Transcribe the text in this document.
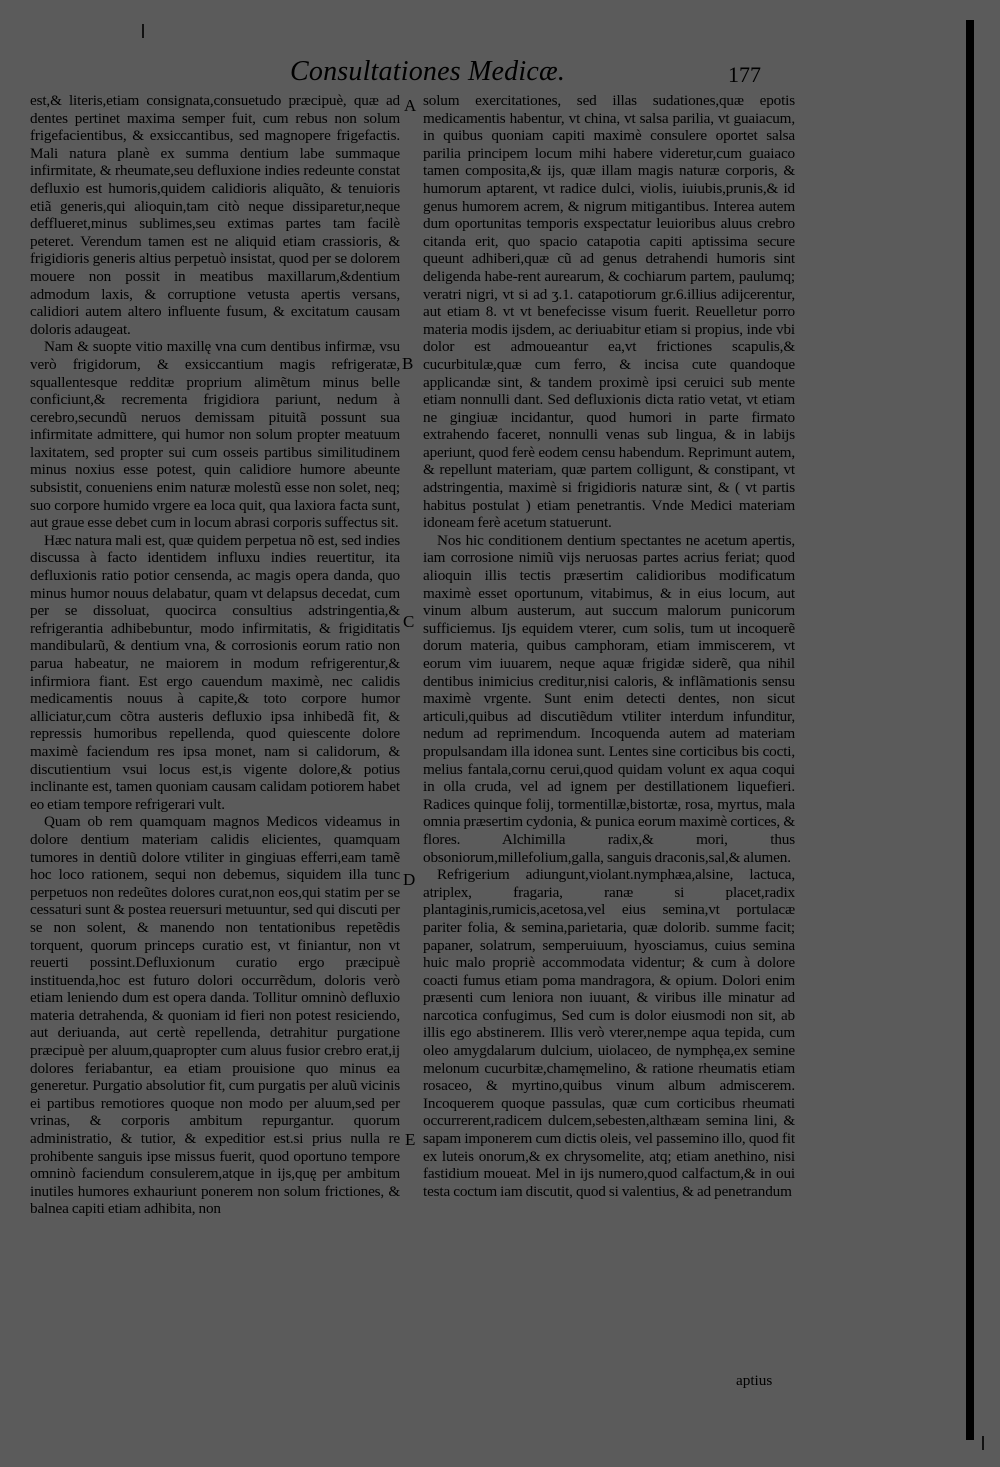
Consultationes Medicæ.	177

est,& literis,etiam consignata,consuetudo præcipuè, quæ ad dentes pertinet maxima semper fuit, cum rebus non solum frigefacientibus, & exsiccantibus, sed magnopere frigefactis. Mali natura planè ex summa dentium labe summaque infirmitate, & rheumate,seu defluxione indies redeunte constat defluxio est humoris,quidem calidioris aliquãto, & tenuioris etiã generis,qui alioquin,tam citò neque dissiparetur,neque defflueret,minus sublimes,seu extimas partes tam facilè peteret. Verendum tamen est ne aliquid etiam crassioris, & frigidioris generis altius perpetuò insistat, quod per se dolorem mouere non possit in meatibus maxillarum,&dentium admodum laxis, & corruptione vetusta apertis versans, calidiori autem altero influente fusum, & excitatum causam doloris adaugeat.

Nam & suopte vitio maxillę vna cum dentibus infirmæ, vsu verò frigidorum, & exsiccantium magis refrigeratæ, squallentesque redditæ proprium alimẽtum minus belle conficiunt,& recrementa frigidiora pariunt, nedum à cerebro,secundũ neruos demissam pituitã possunt sua infirmitate admittere, qui humor non solum propter meatuum laxitatem, sed propter sui cum osseis partibus similitudinem minus noxius esse potest, quin calidiore humore abeunte subsistit, conueniens enim naturæ molestũ esse non solet, neq; suo corpore humido vrgere ea loca quit, qua laxiora facta sunt, aut graue esse debet cum in locum abrasi corporis suffectus sit.

Hæc natura mali est, quæ quidem perpetua nõ est, sed indies discussa à facto identidem influxu indies reuertitur, ita defluxionis ratio potior censenda, ac magis opera danda, quo minus humor nouus delabatur, quam vt delapsus decedat, cum per se dissoluat, quocirca consultius adstringentia,& refrigerantia adhibebuntur, modo infirmitatis, & frigiditatis mandibularũ, & dentium vna, & corrosionis eorum ratio non parua habeatur, ne maiorem in modum refrigerentur,& infirmiora fiant. Est ergo cauendum maximè, nec calidis medicamentis nouus à capite,& toto corpore humor alliciatur,cum cõtra austeris defluxio ipsa inhibedã fit, & repressis humoribus repellenda, quod quiescente dolore maximè faciendum res ipsa monet, nam si calidorum, & discutientium vsui locus est,is vigente dolore,& potius inclinante est, tamen quoniam causam calidam potiorem habet eo etiam tempore refrigerari vult.

Quam ob rem quamquam magnos Medicos videamus in dolore dentium materiam calidis elicientes, quamquam tumores in dentiũ dolore vtiliter in gingiuas efferri,eam tamẽ hoc loco rationem, sequi non debemus, siquidem illa tunc perpetuos non redeũtes dolores curat,non eos,qui statim per se cessaturi sunt & postea reuersuri metuuntur, sed qui discuti per se non solent, & manendo non tentationibus repetẽdis torquent, quorum princeps curatio est, vt finiantur, non vt reuerti possint.Defluxionum curatio ergo præcipuè instituenda,hoc est futuro dolori occurrẽdum, doloris verò etiam leniendo dum est opera danda. Tollitur omninò defluxio materia detrahenda, & quoniam id fieri non potest resiciendo, aut deriuanda, aut certè repellenda, detrahitur purgatione præcipuè per aluum,quapropter cum aluus fusior crebro erat,ij dolores feriabantur, ea etiam prouisione quo minus ea generetur. Purgatio absolutior fit, cum purgatis per aluũ vicinis ei partibus remotiores quoque non modo per aluum,sed per vrinas, & corporis ambitum repurgantur. quorum administratio, & tutior, & expeditior est.si prius nulla re prohibente sanguis ipse missus fuerit, quod oportuno tempore omninò faciendum consulerem,atque in ijs,quę per ambitum inutiles humores exhauriunt ponerem non solum frictiones, & balnea capiti etiam adhibita, non

A
B
C
D
E

solum exercitationes, sed illas sudationes,quæ epotis medicamentis habentur, vt china, vt salsa parilia, vt guaiacum, in quibus quoniam capiti maximè consulere oportet salsa parilia principem locum mihi habere videretur,cum guaiaco tamen composita,& ijs, quæ illam magis naturæ corporis, & humorum aptarent, vt radice dulci, violis, iuiubis,prunis,& id genus humorem acrem, & nigrum mitigantibus. Interea autem dum oportunitas temporis exspectatur leuioribus aluus crebro citanda erit, quo spacio catapotia capiti aptissima secure queunt adhiberi,quæ cũ ad genus detrahendi humoris sint deligenda habe-rent aurearum, & cochiarum partem, paulumq; veratri nigri, vt si ad ʒ.1. catapotiorum gr.6.illius adijcerentur, aut etiam 8. vt vt benefecisse visum fuerit. Reuelletur porro materia modis ijsdem, ac deriuabitur etiam si propius, inde vbi dolor est admoueantur ea,vt frictiones scapulis,& cucurbitulæ,quæ cum ferro, & incisa cute quandoque applicandæ sint, & tandem proximè ipsi ceruici sub mente etiam nonnulli dant. Sed defluxionis dicta ratio vetat, vt etiam ne gingiuæ incidantur, quod humori in parte firmato extrahendo faceret, nonnulli venas sub lingua, & in labijs aperiunt, quod ferè eodem censu habendum. Reprimunt autem, & repellunt materiam, quæ partem colligunt, & constipant, vt adstringentia, maximè si frigidioris naturæ sint, & ( vt partis habitus postulat ) etiam penetrantis. Vnde Medici materiam idoneam ferè acetum statuerunt.

Nos hic conditionem dentium spectantes ne acetum apertis, iam corrosione nimiũ vijs neruosas partes acrius feriat; quod alioquin illis tectis præsertim calidioribus modificatum maximè esset oportunum, vitabimus, & in eius locum, aut vinum album austerum, aut succum malorum punicorum sufficiemus. Ijs equidem vterer, cum solis, tum ut incoquerẽ dorum materia, quibus camphoram, etiam immiscerem, vt eorum vim iuuarem, neque aquæ frigidæ siderẽ, qua nihil dentibus inimicius creditur,nisi caloris, & inflãmationis sensu maximè vrgente. Sunt enim detecti dentes, non sicut articuli,quibus ad discutiẽdum vtiliter interdum infunditur, nedum ad reprimendum. Incoquenda autem ad materiam propulsandam illa idonea sunt. Lentes sine corticibus bis cocti, melius fantala,cornu cerui,quod quidam volunt ex aqua coqui in olla cruda, vel ad ignem per destillationem liquefieri. Radices quinque folij, tormentillæ,bistortæ, rosa, myrtus, mala omnia præsertim cydonia, & punica eorum maximè cortices, & flores. Alchimilla radix,& mori, thus obsoniorum,millefolium,galla, sanguis draconis,sal,& alumen.

Refrigerium adiungunt,violant.nymphæa,alsine, lactuca, atriplex, fragaria, ranæ si placet,radix plantaginis,rumicis,acetosa,vel eius semina,vt portulacæ pariter folia, & semina,parietaria, quæ dolorib. summe facit; papaner, solatrum, semperuiuum, hyosciamus, cuius semina huic malo propriè accommodata videntur; & cum à dolore coacti fumus etiam poma mandragora, & opium. Dolori enim præsenti cum leniora non iuuant, & viribus ille minatur ad narcotica confugimus, Sed cum is dolor eiusmodi non sit, ab illis ego abstinerem. Illis verò vterer,nempe aqua tepida, cum oleo amygdalarum dulcium, uiolaceo, de nymphęa,ex semine melonum cucurbitæ,chamęmelino, & ratione rheumatis etiam rosaceo, & myrtino,quibus vinum album admiscerem. Incoquerem quoque passulas, quæ cum corticibus rheumati occurrerent,radicem dulcem,sebesten,althæam semina lini, & sapam imponerem cum dictis oleis, vel passemino illo, quod fit ex luteis onorum,& ex chrysomelite, atq; etiam anethino, nisi fastidium moueat. Mel in ijs numero,quod calfactum,& in oui testa coctum iam discutit, quod si valentius, & ad penetrandum

aptius
